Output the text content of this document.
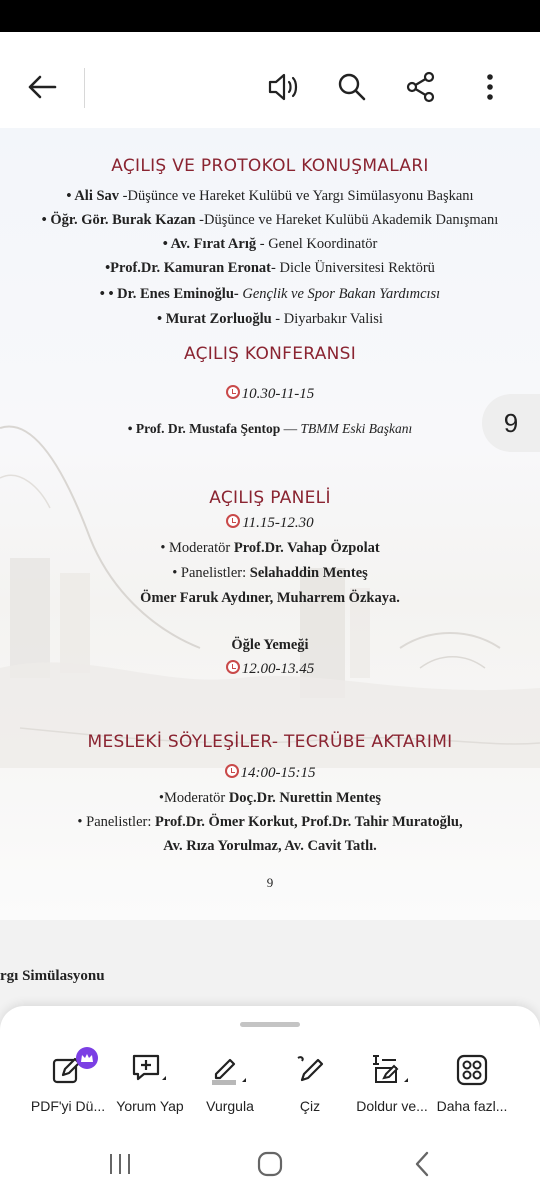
AÇILIŞ VE PROTOKOL KONUŞMALARI
• Ali Sav -Düşünce ve Hareket Kulübü ve Yargı Simülasyonu Başkanı
• Öğr. Gör. Burak Kazan -Düşünce ve Hareket Kulübü Akademik Danışmanı
• Av. Fırat Arığ - Genel Koordinatör
•Prof.Dr. Kamuran Eronat- Dicle Üniversitesi Rektörü
• • Dr. Enes Eminoğlu- Gençlik ve Spor Bakan Yardımcısı
• Murat Zorluoğlu - Diyarbakır Valisi
AÇILIŞ KONFERANSI
10.30-11-15
• Prof. Dr. Mustafa Şentop — TBMM Eski Başkanı
AÇILIŞ PANELİ
11.15-12.30
• Moderatör Prof.Dr. Vahap Özpolat
• Panelistler: Selahaddin Menteş
Ömer Faruk Aydıner, Muharrem Özkaya.
Öğle Yemeği
12.00-13.45
MESLEKİ SÖYLEŞİLER- TECRÜBE AKTARIMI
14:00-15:15
•Moderatör Doç.Dr. Nurettin Menteş
• Panelistler: Prof.Dr. Ömer Korkut, Prof.Dr. Tahir Muratoğlu,
Av. Rıza Yorulmaz, Av. Cavit Tatlı.
9
rgı Simülasyonu
9
PDF'yi Dü... Yorum Yap	Vurgula	Çiz	Doldur ve... Daha fazl...
